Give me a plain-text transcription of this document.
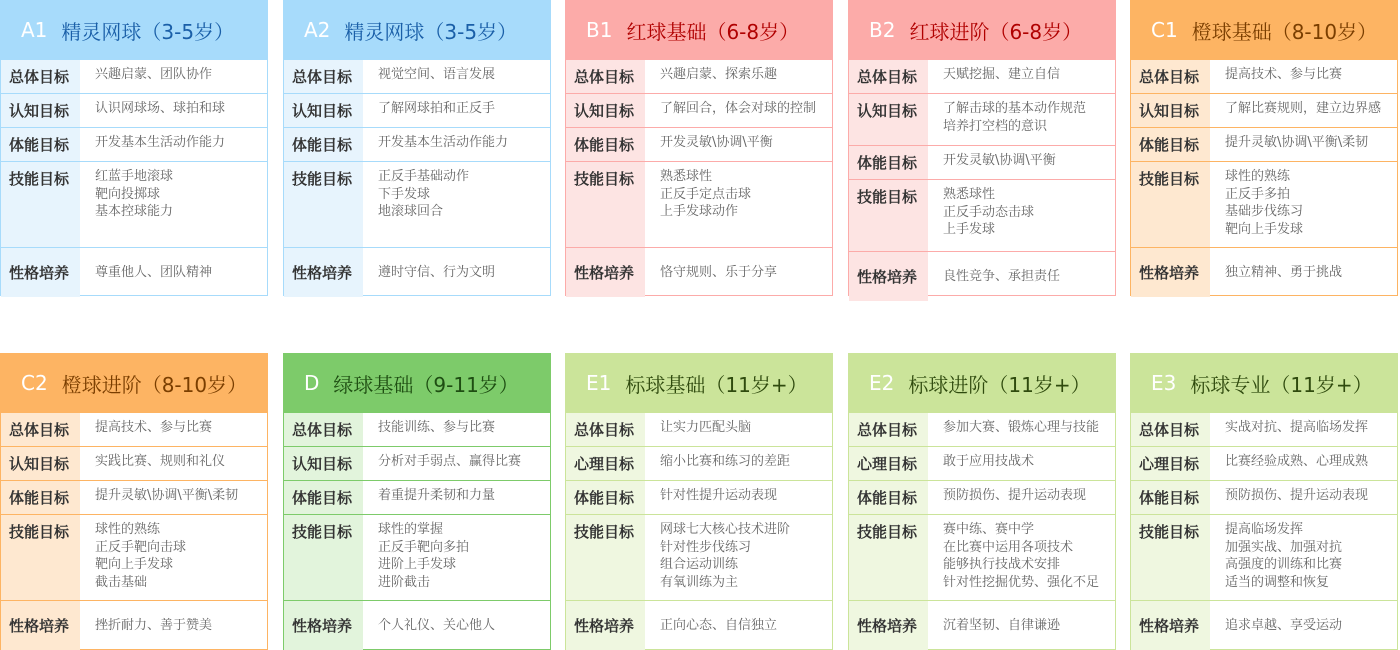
A1 精灵网球（3-5岁）
总体目标	兴趣启蒙、团队协作
认知目标	认识网球场、球拍和球
体能目标	开发基本生活动作能力
技能目标	红蓝手地滚球
靶向投掷球
基本控球能力
性格培养	尊重他人、团队精神
A2 精灵网球（3-5岁）
总体目标	视觉空间、语言发展
认知目标	了解网球拍和正反手
体能目标	开发基本生活动作能力
技能目标	正反手基础动作
下手发球
地滚球回合
性格培养	遵时守信、行为文明
B1 红球基础（6-8岁）
总体目标	兴趣启蒙、探索乐趣
认知目标	了解回合，体会对球的控制
体能目标	开发灵敏\协调\平衡
技能目标	熟悉球性
正反手定点击球
上手发球动作
性格培养	恪守规则、乐于分享
B2 红球进阶（6-8岁）
总体目标	天赋挖掘、建立自信
认知目标	了解击球的基本动作规范
培养打空档的意识
体能目标	开发灵敏\协调\平衡
技能目标	熟悉球性
正反手动态击球
上手发球
性格培养	良性竞争、承担责任
C1 橙球基础（8-10岁）
总体目标	提高技术、参与比赛
认知目标	了解比赛规则，建立边界感
体能目标	提升灵敏\协调\平衡\柔韧
技能目标	球性的熟练
正反手多拍
基础步伐练习
靶向上手发球
性格培养	独立精神、勇于挑战
C2 橙球进阶（8-10岁）
总体目标	提高技术、参与比赛
认知目标	实践比赛、规则和礼仪
体能目标	提升灵敏\协调\平衡\柔韧
技能目标	球性的熟练
正反手靶向击球
靶向上手发球
截击基础
性格培养	挫折耐力、善于赞美
D 绿球基础（9-11岁）
总体目标	技能训练、参与比赛
认知目标	分析对手弱点、赢得比赛
体能目标	着重提升柔韧和力量
技能目标	球性的掌握
正反手靶向多拍
进阶上手发球
进阶截击
性格培养	个人礼仪、关心他人
E1 标球基础（11岁+）
总体目标	让实力匹配头脑
心理目标	缩小比赛和练习的差距
体能目标	针对性提升运动表现
技能目标	网球七大核心技术进阶
针对性步伐练习
组合运动训练
有氧训练为主
性格培养	正向心态、自信独立
E2 标球进阶（11岁+）
总体目标	参加大赛、锻炼心理与技能
心理目标	敢于应用技战术
体能目标	预防损伤、提升运动表现
技能目标	赛中练、赛中学
在比赛中运用各项技术
能够执行技战术安排
针对性挖掘优势、强化不足
性格培养	沉着坚韧、自律谦逊
E3 标球专业（11岁+）
总体目标	实战对抗、提高临场发挥
心理目标	比赛经验成熟、心理成熟
体能目标	预防损伤、提升运动表现
技能目标	提高临场发挥
加强实战、加强对抗
高强度的训练和比赛
适当的调整和恢复
性格培养	追求卓越、享受运动
